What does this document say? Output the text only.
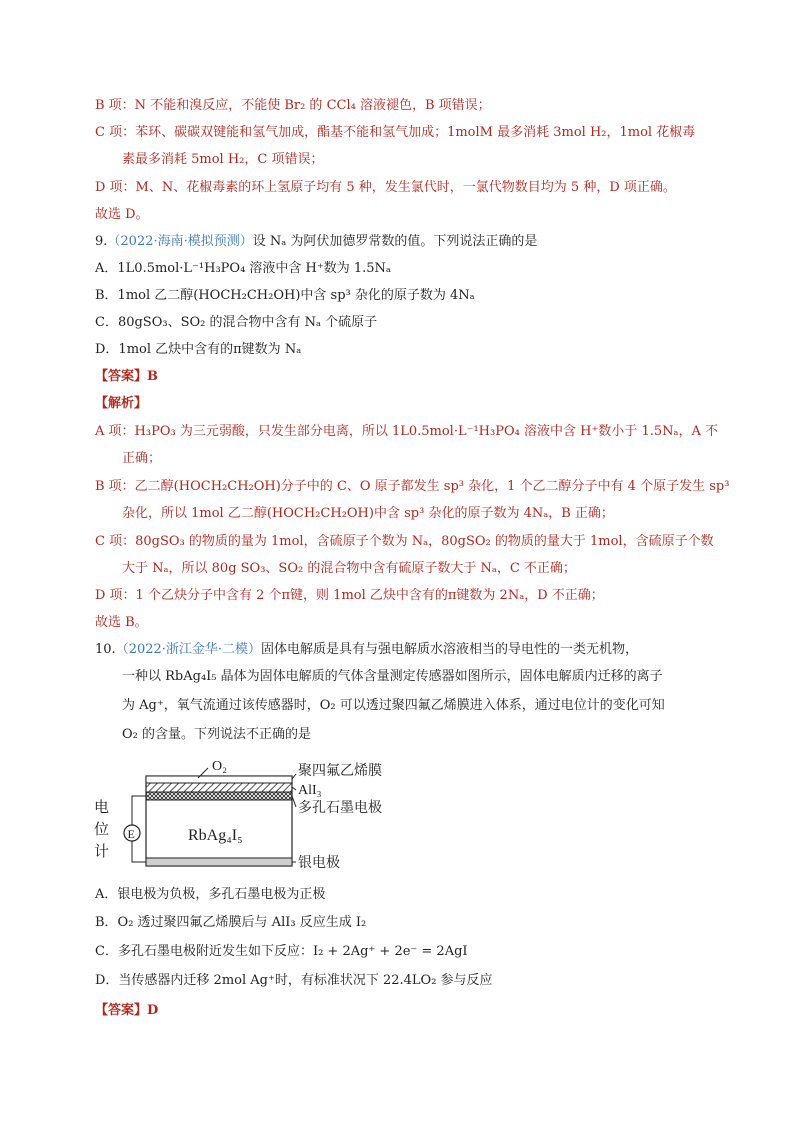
B 项：N 不能和溴反应，不能使 Br₂ 的 CCl₄ 溶液褪色，B 项错误；
C 项：苯环、碳碳双键能和氢气加成，酯基不能和氢气加成；1molM 最多消耗 3mol H₂，1mol 花椒毒
素最多消耗 5mol H₂，C 项错误；
D 项：M、N、花椒毒素的环上氢原子均有 5 种，发生氯代时，一氯代物数目均为 5 种，D 项正确。
故选 D。
9.（2022·海南·模拟预测）设 Nₐ 为阿伏加德罗常数的值。下列说法正确的是
A．1L0.5mol·L⁻¹H₃PO₄ 溶液中含 H⁺数为 1.5Nₐ
B．1mol 乙二醇(HOCH₂CH₂OH)中含 sp³ 杂化的原子数为 4Nₐ
C．80gSO₃、SO₂ 的混合物中含有 Nₐ 个硫原子
D．1mol 乙炔中含有的π键数为 Nₐ
【答案】B
【解析】
A 项：H₃PO₃ 为三元弱酸，只发生部分电离，所以 1L0.5mol·L⁻¹H₃PO₄ 溶液中含 H⁺数小于 1.5Nₐ，A 不
正确；
B 项：乙二醇(HOCH₂CH₂OH)分子中的 C、O 原子都发生 sp³ 杂化，1 个乙二醇分子中有 4 个原子发生 sp³
杂化，所以 1mol 乙二醇(HOCH₂CH₂OH)中含 sp³ 杂化的原子数为 4Nₐ，B 正确；
C 项：80gSO₃ 的物质的量为 1mol，含硫原子个数为 Nₐ，80gSO₂ 的物质的量大于 1mol，含硫原子个数
大于 Nₐ，所以 80g SO₃、SO₂ 的混合物中含有硫原子数大于 Nₐ，C 不正确；
D 项：1 个乙炔分子中含有 2 个π键，则 1mol 乙炔中含有的π键数为 2Nₐ，D 不正确；
故选 B。
10.（2022·浙江金华·二模）固体电解质是具有与强电解质水溶液相当的导电性的一类无机物，
一种以 RbAg₄I₅ 晶体为固体电解质的气体含量测定传感器如图所示，固体电解质内迁移的离子
为 Ag⁺，氧气流通过该传感器时，O₂ 可以透过聚四氟乙烯膜进入体系，通过电位计的变化可知
O₂ 的含量。下列说法不正确的是
O₂
RbAg₄I₅
E
电
位
计
聚四氟乙烯膜
AlI₃
多孔石墨电极
银电极
A．银电极为负极，多孔石墨电极为正极
B．O₂ 透过聚四氟乙烯膜后与 AlI₃ 反应生成 I₂
C．多孔石墨电极附近发生如下反应：I₂ + 2Ag⁺ + 2e⁻ = 2AgI
D．当传感器内迁移 2mol Ag⁺时，有标准状况下 22.4LO₂ 参与反应
【答案】D
